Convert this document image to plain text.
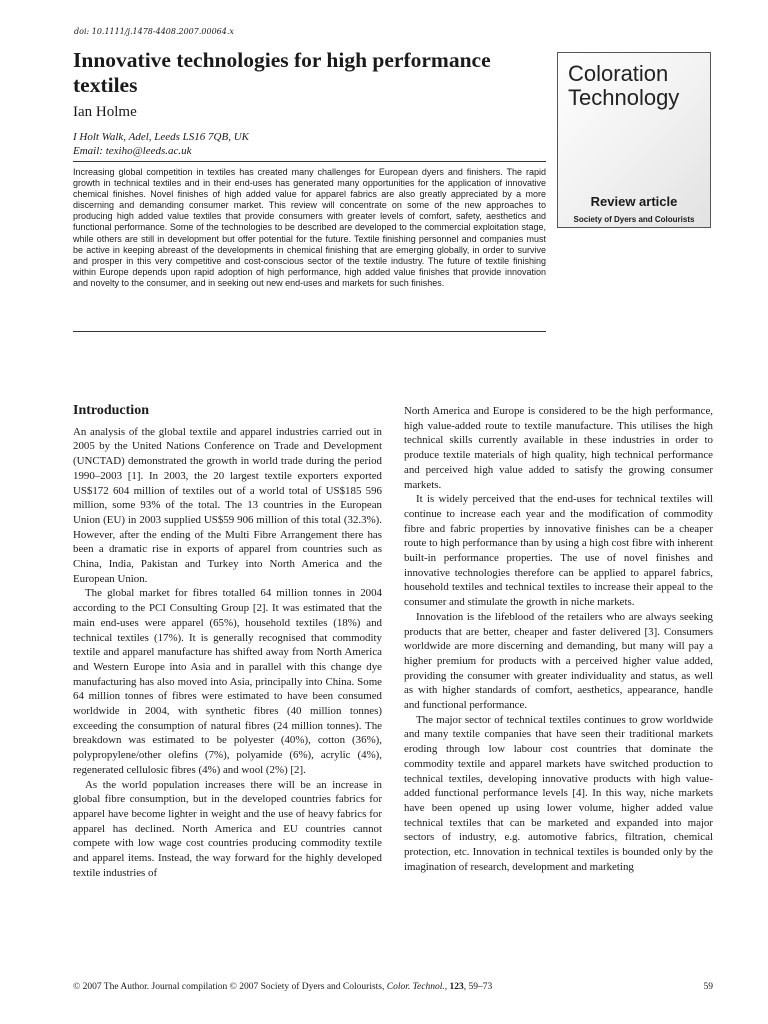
doi: 10.1111/j.1478-4408.2007.00064.x
Innovative technologies for high performance textiles
Ian Holme
I Holt Walk, Adel, Leeds LS16 7QB, UK
Email: texiho@leeds.ac.uk
Coloration Technology
Review article
Society of Dyers and Colourists

Increasing global competition in textiles has created many challenges for European dyers and finishers. The rapid growth in technical textiles and in their end-uses has generated many opportunities for the application of innovative chemical finishes. Novel finishes of high added value for apparel fabrics are also greatly appreciated by a more discerning and demanding consumer market. This review will concentrate on some of the new approaches to producing high added value textiles that provide consumers with greater levels of comfort, safety, aesthetics and functional performance. Some of the technologies to be described are developed to the commercial exploitation stage, while others are still in development but offer potential for the future. Textile finishing personnel and companies must be active in keeping abreast of the developments in chemical finishing that are emerging globally, in order to survive and prosper in this very competitive and cost-conscious sector of the textile industry. The future of textile finishing within Europe depends upon rapid adoption of high performance, high added value finishes that provide innovation and novelty to the consumer, and in seeking out new end-uses and markets for such finishes.

Introduction

An analysis of the global textile and apparel industries carried out in 2005 by the United Nations Conference on Trade and Development (UNCTAD) demonstrated the growth in world trade during the period 1990–2003 [1]. In 2003, the 20 largest textile exporters exported US$172 604 million of textiles out of a world total of US$185 596 million, some 93% of the total. The 13 countries in the European Union (EU) in 2003 supplied US$59 906 million of this total (32.3%). However, after the ending of the Multi Fibre Arrangement there has been a dramatic rise in exports of apparel from countries such as China, India, Pakistan and Turkey into North America and the European Union.

The global market for fibres totalled 64 million tonnes in 2004 according to the PCI Consulting Group [2]. It was estimated that the main end-uses were apparel (65%), household textiles (18%) and technical textiles (17%). It is generally recognised that commodity textile and apparel manufacture has shifted away from North America and Western Europe into Asia and in parallel with this change dye manufacturing has also moved into Asia, principally into China. Some 64 million tonnes of fibres were estimated to have been consumed worldwide in 2004, with synthetic fibres (40 million tonnes) exceeding the consumption of natural fibres (24 million tonnes). The breakdown was estimated to be polyester (40%), cotton (36%), polypropylene/other olefins (7%), polyamide (6%), acrylic (4%), regenerated cellulosic fibres (4%) and wool (2%) [2].

As the world population increases there will be an increase in global fibre consumption, but in the developed countries fabrics for apparel have become lighter in weight and the use of heavy fabrics for apparel has declined. North America and EU countries cannot compete with low wage cost countries producing commodity textile and apparel items. Instead, the way forward for the highly developed textile industries of

North America and Europe is considered to be the high performance, high value-added route to textile manufacture. This utilises the high technical skills currently available in these industries in order to produce textile materials of high quality, high technical performance and perceived high value added to satisfy the growing consumer markets.

It is widely perceived that the end-uses for technical textiles will continue to increase each year and the modification of commodity fibre and fabric properties by innovative finishes can be a cheaper route to high performance than by using a high cost fibre with inherent built-in performance properties. The use of novel finishes and innovative technologies therefore can be applied to apparel fabrics, household textiles and technical textiles to increase their appeal to the consumer and stimulate the growth in niche markets.

Innovation is the lifeblood of the retailers who are always seeking products that are better, cheaper and faster delivered [3]. Consumers worldwide are more discerning and demanding, but many will pay a higher premium for products with a perceived higher value added, providing the consumer with greater individuality and status, as well as with higher standards of comfort, aesthetics, appearance, handle and functional performance.

The major sector of technical textiles continues to grow worldwide and many textile companies that have seen their traditional markets eroding through low labour cost countries that dominate the commodity textile and apparel markets have switched production to technical textiles, developing innovative products with high value-added functional performance levels [4]. In this way, niche markets have been opened up using lower volume, higher added value technical textiles that can be marketed and expanded into major sectors of industry, e.g. automotive fabrics, filtration, chemical protection, etc. Innovation in technical textiles is bounded only by the imagination of research, development and marketing

© 2007 The Author. Journal compilation © 2007 Society of Dyers and Colourists, Color. Technol., 123, 59–73	59
